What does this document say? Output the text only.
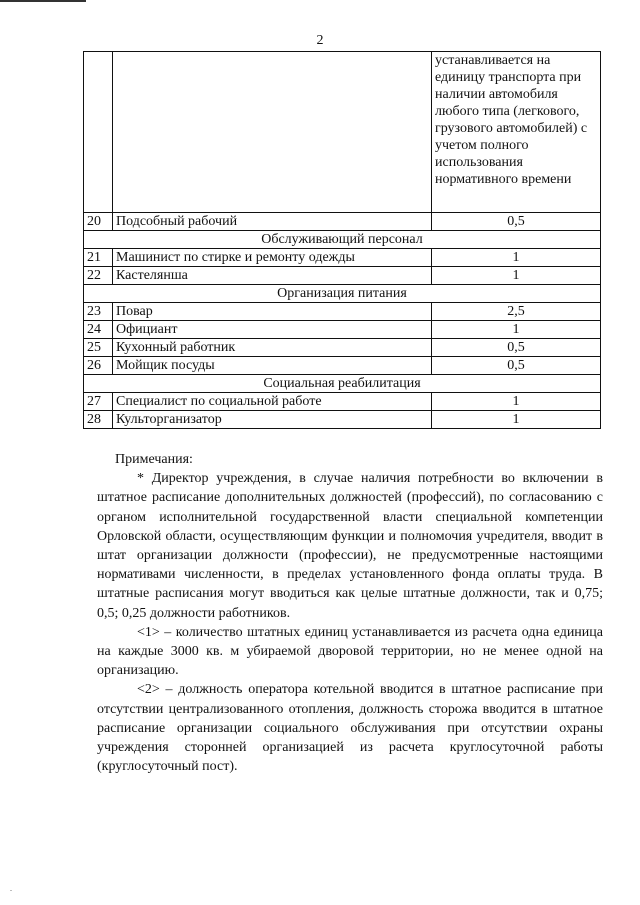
2
		устанавливается на единицу транспорта при наличии автомобиля любого типа (легкового, грузового автомобилей) с учетом полного использования нормативного времени
20	Подсобный рабочий	0,5
Обслуживающий персонал		
21	Машинист по стирке и ремонту одежды	1
22	Кастелянша	1
Организация питания		
23	Повар	2,5
24	Официант	1
25	Кухонный работник	0,5
26	Мойщик посуды	0,5
Социальная реабилитация		
27	Специалист по социальной работе	1
28	Культорганизатор	1

Примечания:

* Директор учреждения, в случае наличия потребности во включении в штатное расписание дополнительных должностей (профессий), по согласованию с органом исполнительной государственной власти специальной компетенции Орловской области, осуществляющим функции и полномочия учредителя, вводит в штат организации должности (профессии), не предусмотренные настоящими нормативами численности, в пределах установленного фонда оплаты труда. В штатные расписания могут вводиться как целые штатные должности, так и 0,75; 0,5; 0,25 должности работников.

<1> – количество штатных единиц устанавливается из расчета одна единица на каждые 3000 кв. м убираемой дворовой территории, но не менее одной на организацию.

<2> – должность оператора котельной вводится в штатное расписание при отсутствии централизованного отопления, должность сторожа вводится в штатное расписание организации социального обслуживания при отсутствии охраны учреждения сторонней организацией из расчета круглосуточной работы (круглосуточный пост).

.
